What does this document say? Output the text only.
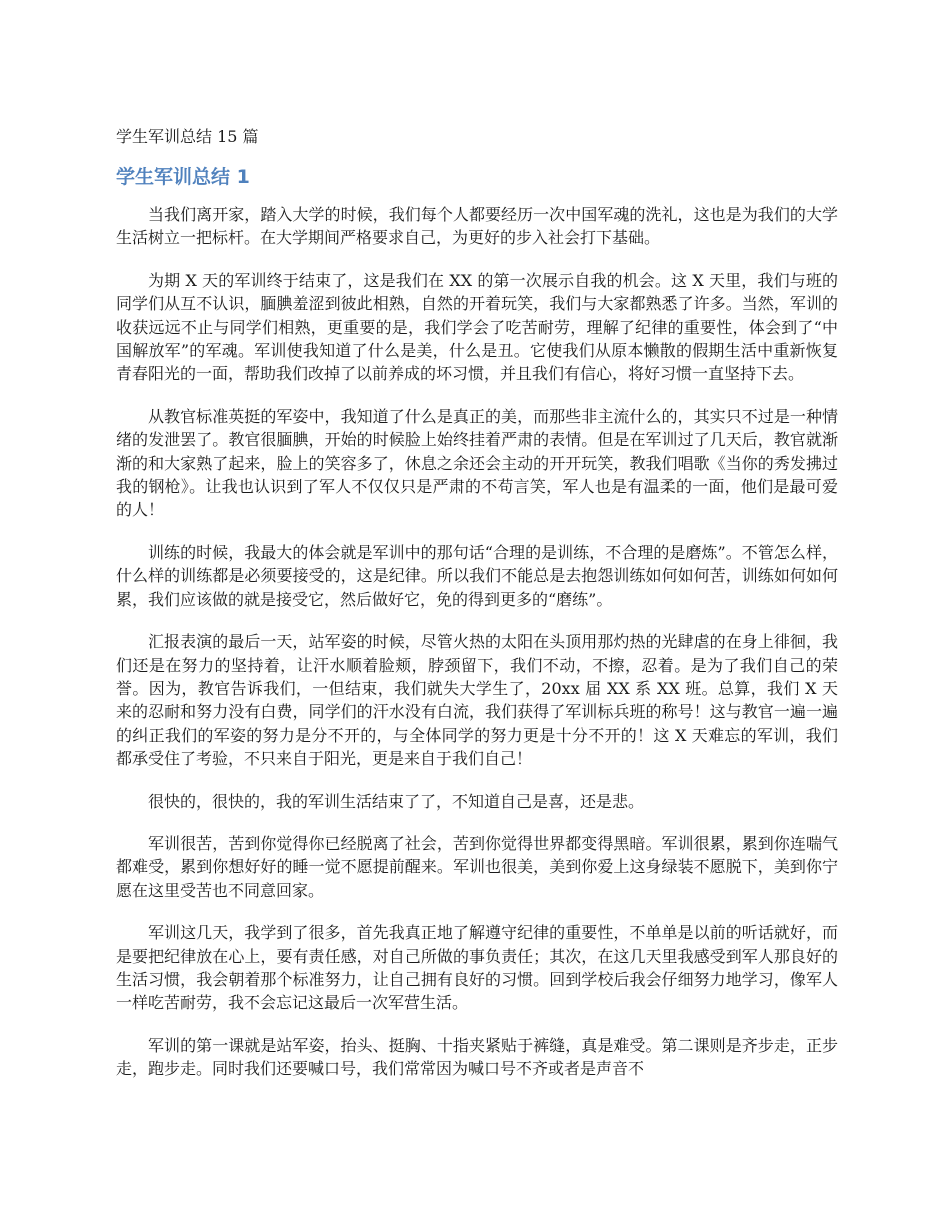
学生军训总结 15 篇
学生军训总结 1

当我们离开家，踏入大学的时候，我们每个人都要经历一次中国军魂的洗礼，这也是为我们的大学生活树立一把标杆。在大学期间严格要求自己，为更好的步入社会打下基础。

为期 X 天的军训终于结束了，这是我们在 XX 的第一次展示自我的机会。这 X 天里，我们与班的同学们从互不认识，腼腆羞涩到彼此相熟，自然的开着玩笑，我们与大家都熟悉了许多。当然，军训的收获远远不止与同学们相熟，更重要的是，我们学会了吃苦耐劳，理解了纪律的重要性，体会到了“中国解放军”的军魂。军训使我知道了什么是美，什么是丑。它使我们从原本懒散的假期生活中重新恢复青春阳光的一面，帮助我们改掉了以前养成的坏习惯，并且我们有信心，将好习惯一直坚持下去。

从教官标准英挺的军姿中，我知道了什么是真正的美，而那些非主流什么的，其实只不过是一种情绪的发泄罢了。教官很腼腆，开始的时候脸上始终挂着严肃的表情。但是在军训过了几天后，教官就渐渐的和大家熟了起来，脸上的笑容多了，休息之余还会主动的开开玩笑，教我们唱歌《当你的秀发拂过我的钢枪》。让我也认识到了军人不仅仅只是严肃的不苟言笑，军人也是有温柔的一面，他们是最可爱的人！

训练的时候，我最大的体会就是军训中的那句话“合理的是训练，不合理的是磨炼”。不管怎么样，什么样的训练都是必须要接受的，这是纪律。所以我们不能总是去抱怨训练如何如何苦，训练如何如何累，我们应该做的就是接受它，然后做好它，免的得到更多的“磨练”。

汇报表演的最后一天，站军姿的时候，尽管火热的太阳在头顶用那灼热的光肆虐的在身上徘徊，我们还是在努力的坚持着，让汗水顺着脸颊，脖颈留下，我们不动，不擦，忍着。是为了我们自己的荣誉。因为，教官告诉我们，一但结束，我们就失大学生了，20xx 届 XX 系 XX 班。总算，我们 X 天来的忍耐和努力没有白费，同学们的汗水没有白流，我们获得了军训标兵班的称号！这与教官一遍一遍的纠正我们的军姿的努力是分不开的，与全体同学的努力更是十分不开的！这 X 天难忘的军训，我们都承受住了考验，不只来自于阳光，更是来自于我们自己！

很快的，很快的，我的军训生活结束了了，不知道自己是喜，还是悲。

军训很苦，苦到你觉得你已经脱离了社会，苦到你觉得世界都变得黑暗。军训很累，累到你连喘气都难受，累到你想好好的睡一觉不愿提前醒来。军训也很美，美到你爱上这身绿装不愿脱下，美到你宁愿在这里受苦也不同意回家。

军训这几天，我学到了很多，首先我真正地了解遵守纪律的重要性，不单单是以前的听话就好，而是要把纪律放在心上，要有责任感，对自己所做的事负责任；其次，在这几天里我感受到军人那良好的生活习惯，我会朝着那个标准努力，让自己拥有良好的习惯。回到学校后我会仔细努力地学习，像军人一样吃苦耐劳，我不会忘记这最后一次军营生活。

军训的第一课就是站军姿，抬头、挺胸、十指夹紧贴于裤缝，真是难受。第二课则是齐步走，正步走，跑步走。同时我们还要喊口号，我们常常因为喊口号不齐或者是声音不
